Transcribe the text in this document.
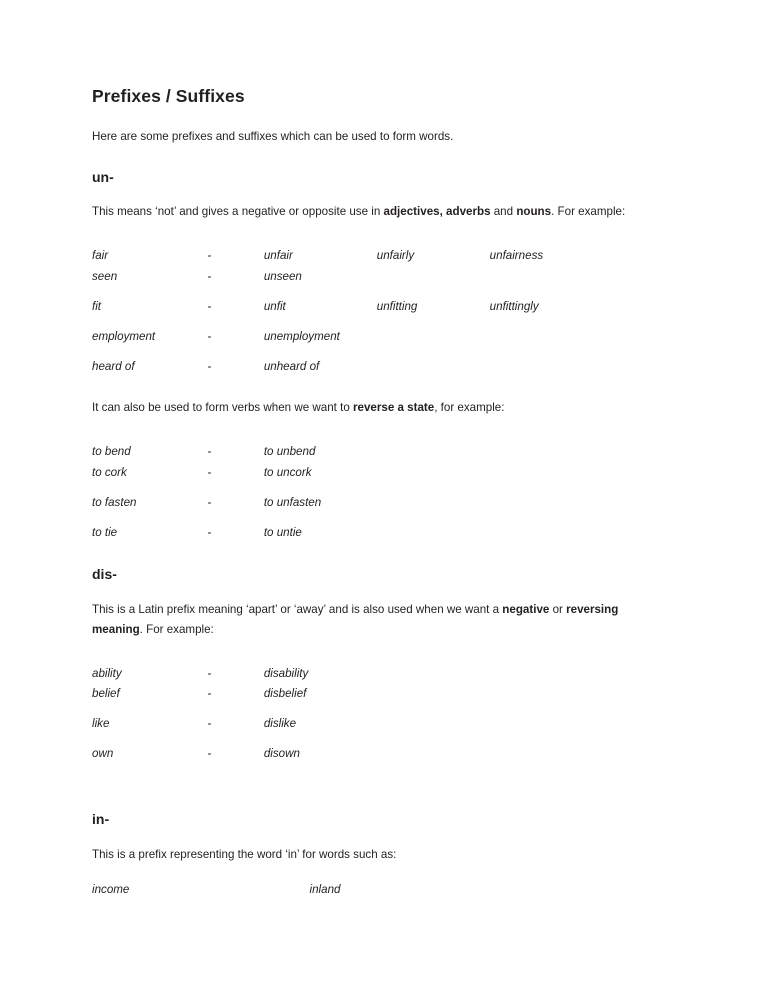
Prefixes / Suffixes

Here are some prefixes and suffixes which can be used to form words.

un-

This means ‘not’ and gives a negative or opposite use in adjectives, adverbs and nouns. For example:

fair	-	unfair	unfairly	unfairness
seen	-	unseen		
fit	-	unfit	unfitting	unfittingly
employment	-	unemployment		
heard of	-	unheard of		

It can also be used to form verbs when we want to reverse a state, for example:

to bend	-	to unbend		
to cork	-	to uncork		
to fasten	-	to unfasten		
to tie	-	to untie		
dis-

This is a Latin prefix meaning ‘apart’ or ‘away’ and is also used when we want a negative or reversing meaning. For example:

ability	-	disability		
belief	-	disbelief		
like	-	dislike		
own	-	disown		
in-

This is a prefix representing the word ‘in’ for words such as:

income	inland
